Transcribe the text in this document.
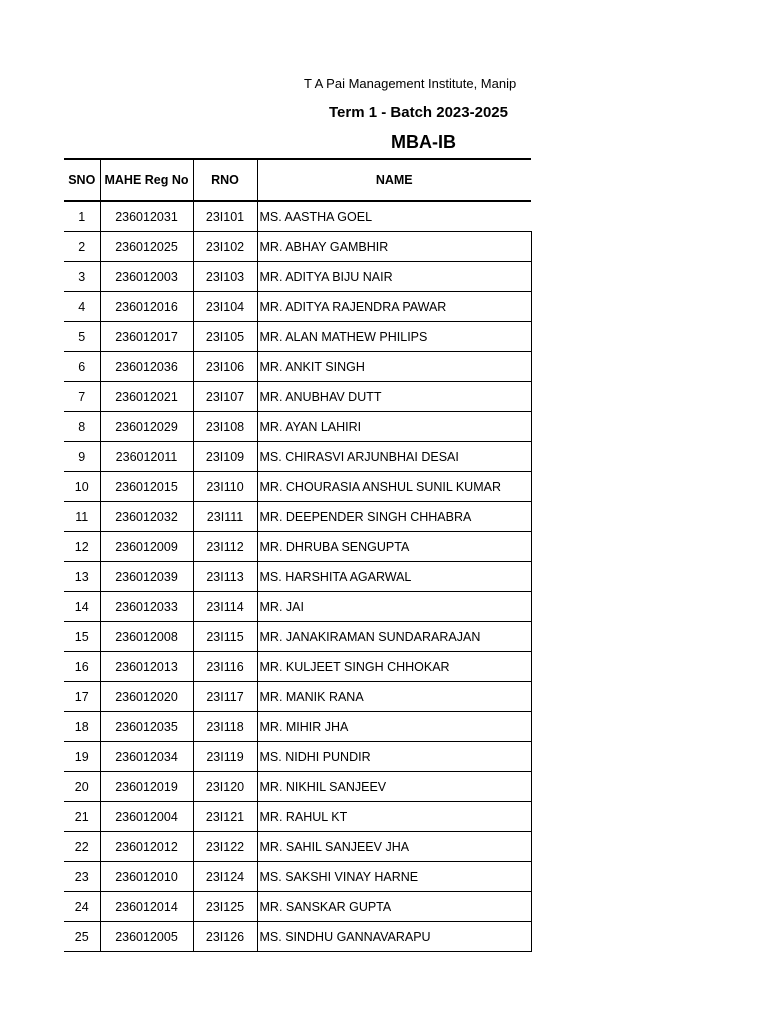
T A Pai Management Institute, Manip
Term 1 - Batch 2023-2025
MBA-IB
SNO	MAHE Reg No	RNO	NAME
1	236012031	23I101	MS. AASTHA GOEL
2	236012025	23I102	MR. ABHAY GAMBHIR
3	236012003	23I103	MR. ADITYA BIJU NAIR
4	236012016	23I104	MR. ADITYA RAJENDRA PAWAR
5	236012017	23I105	MR. ALAN MATHEW PHILIPS
6	236012036	23I106	MR. ANKIT SINGH
7	236012021	23I107	MR. ANUBHAV DUTT
8	236012029	23I108	MR. AYAN LAHIRI
9	236012011	23I109	MS. CHIRASVI ARJUNBHAI DESAI
10	236012015	23I110	MR. CHOURASIA ANSHUL SUNIL KUMAR
11	236012032	23I111	MR. DEEPENDER SINGH CHHABRA
12	236012009	23I112	MR. DHRUBA SENGUPTA
13	236012039	23I113	MS. HARSHITA AGARWAL
14	236012033	23I114	MR. JAI
15	236012008	23I115	MR. JANAKIRAMAN SUNDARARAJAN
16	236012013	23I116	MR. KULJEET SINGH CHHOKAR
17	236012020	23I117	MR. MANIK RANA
18	236012035	23I118	MR. MIHIR JHA
19	236012034	23I119	MS. NIDHI PUNDIR
20	236012019	23I120	MR. NIKHIL SANJEEV
21	236012004	23I121	MR. RAHUL KT
22	236012012	23I122	MR. SAHIL SANJEEV JHA
23	236012010	23I124	MS. SAKSHI VINAY HARNE
24	236012014	23I125	MR. SANSKAR GUPTA
25	236012005	23I126	MS. SINDHU GANNAVARAPU
